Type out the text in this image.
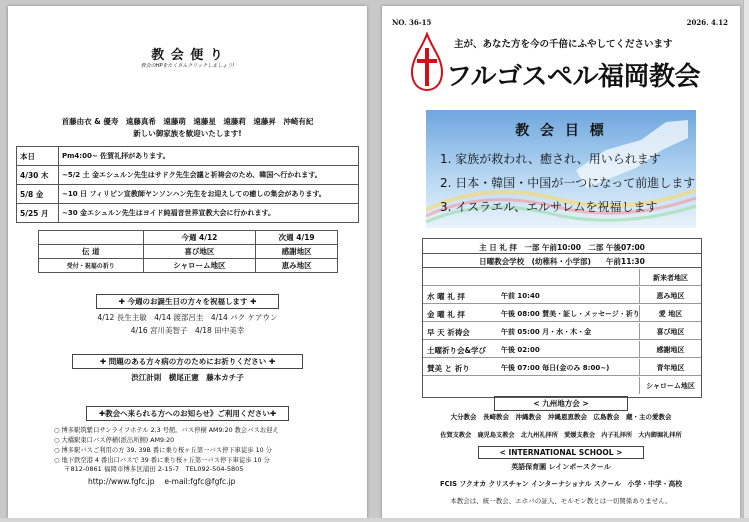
教 会 便 り
教会のHPをたくさんクリックしましょう!
首藤由衣 & 優寿　遠藤真希　遠藤萌　遠藤星　遠藤莉　遠藤昇　沖崎有紀
新しい御家族を歓迎いたします!
本日	Pm4:00~ 佐賀礼拝があります。
4/30 木	~5/2 土 金エシュルン先生はサドク先生会議と祈祷会のため、韓国へ行かれます。
5/8 金	~10 日 フィリピン宣教師ヤンソンハン先生をお迎えしての癒しの集会があります。
5/25 月	~30 金エシュルン先生はヨイド純福音世界宣教大会に行かれます。
	今週 4/12	次週 4/19
伝 道	喜び地区	感謝地区
受付・祝福の祈り	シャローム地区	恵み地区
✚ 今週のお誕生日の方々を祝福します ✚
4/12 長生主敏　4/14 渡部呂圭　4/14 パク ケアウン
4/16 宮川美智子　4/18 田中美幸
✚ 問題のある方々病の方のためにお祈りください ✚
渋江計則　横尾正憲　藤本カチ子
✚教会へ来られる方へのお知らせ》ご利用ください✚
○ 博多駅筑紫口サンライフホテル 2,3 号館。バス停横 AM9:20 教会バスお迎え
○ 大橋駅東口バス停横(派出所側) AM9:20
○ 博多駅バスご利用の方 39, 39B 番に乗り桜ヶ丘第一バス停下車徒歩 10 分
○ 地下鉄空港 4 番出口バスで 39 番に乗り桜ヶ丘第一バス停下車徒歩 10 分
〒812-0861 福岡市博多区浦田 2-15-7　TEL092-504-5805
http://www.fgfc.jp　 e-mail:fgfc@fgfc.jp
NO. 36-15	2026. 4.12
主が、あなた方を今の千倍にふやしてくださいます
フルゴスペル福岡教会
教 会 目 標
1. 家族が救われ、癒され、用いられます
2. 日本・韓国・中国が一つになって前進します
3. イスラエル、エルサレムを祝福します
主 日 礼 拝　一部 午前10:00　二部 午後07:00
日曜教会学校　(幼稚科・小学部)　　午前11:30
新来者地区
水 曜 礼 拝	午前 10:40	恵み地区
金 曜 礼 拝	午後 08:00 賛美・証し・メッセージ・祈り	愛 地区
早 天 祈祷会	午前 05:00 月・水・木・金	喜び地区
土曜祈り会&学び 午後 02:00	感謝地区
賛美 と 祈り	午後 07:00 毎日(金のみ 8:00~)	青年地区
シャローム地区
< 九州地方会 >
大分教会　長崎教会　沖縄教会　沖縄恩恵教会　広島教会　蔵・主の愛教会
佐賀支教会　鹿児島支教会　北九州礼拝所　愛媛支教会　内子礼拝所　大内御堀礼拝所
< INTERNATIONAL SCHOOL >
英語保育園 レインボースクール
FCIS フクオカ クリスチャン インターナショナル スクール　小学・中学・高校
本教会は、統一教会、エホバの証人、モルモン教とは一切関係ありません。
